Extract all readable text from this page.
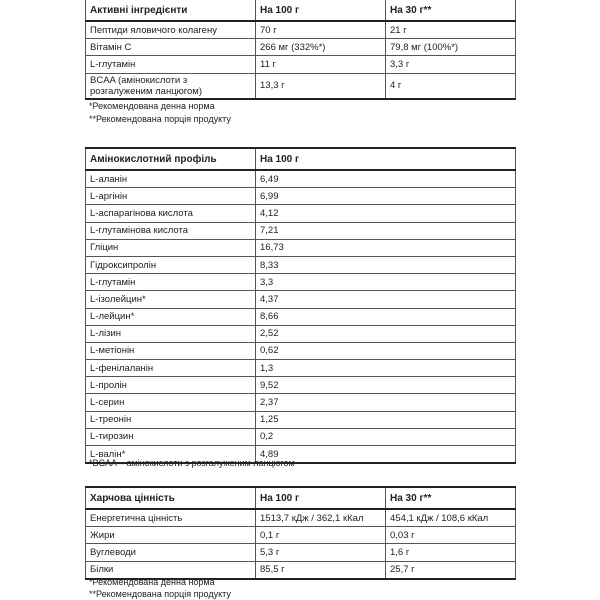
Активні інгредієнти	На 100 г	На 30 г**
Пептиди яловичого колагену	70 г	21 г
Вітамін С	266 мг (332%*)	79,8 мг (100%*)
L-глутамін	11 г	3,3 г
BCAA (амінокислоти з розгалуженим ланцюгом)	13,3 г	4 г
*Рекомендована денна норма
**Рекомендована порція продукту
Амінокислотний профіль	На 100 г
L-аланін	6,49
L-аргінін	6,99
L-аспарагінова кислота	4,12
L-глутамінова кислота	7,21
Гліцин	16,73
Гідроксипролін	8,33
L-глутамін	3,3
L-ізолейцин*	4,37
L-лейцин*	8,66
L-лізин	2,52
L-метіонін	0,62
L-фенілаланін	1,3
L-пролін	9,52
L-серин	2,37
L-треонін	1,25
L-тирозин	0,2
L-валін*	4,89
*BCAA – амінокислоти з розгалуженим ланцюгом
Харчова цінність	На 100 г	На 30 г**
Енергетична цінність	1513,7 кДж / 362,1 кКал	454,1 кДж / 108,6 кКал
Жири	0,1 г	0,03 г
Вуглеводи	5,3 г	1,6 г
Білки	85,5 г	25,7 г
*Рекомендована денна норма
**Рекомендована порція продукту
